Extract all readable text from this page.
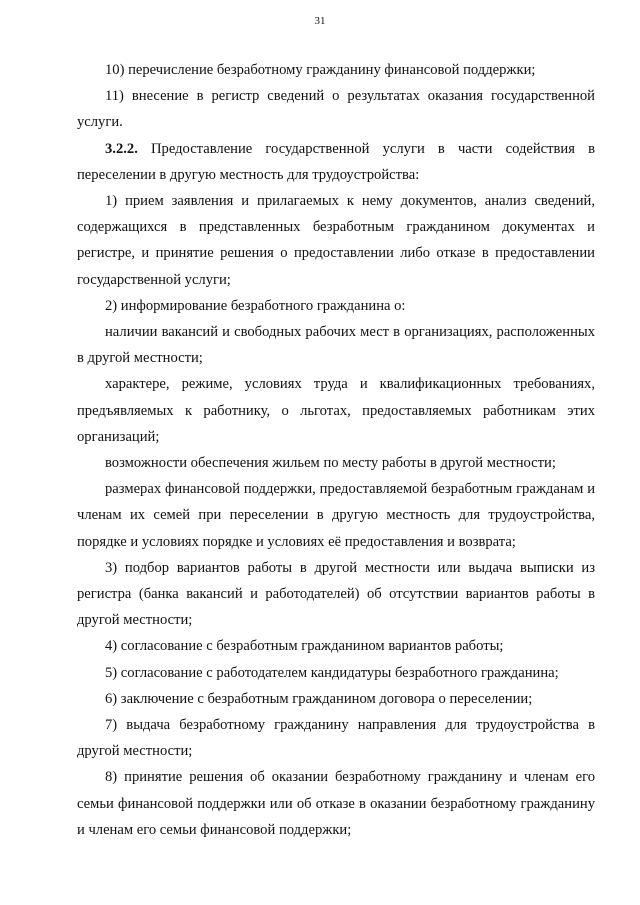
31

10) перечисление безработному гражданину финансовой поддержки;

11) внесение в регистр сведений о результатах оказания государственной услуги.

3.2.2. Предоставление государственной услуги в части содействия в переселении в другую местность для трудоустройства:

1) прием заявления и прилагаемых к нему документов, анализ сведений, содержащихся в представленных безработным гражданином документах и регистре, и принятие решения о предоставлении либо отказе в предоставлении государственной услуги;

2) информирование безработного гражданина о:

наличии вакансий и свободных рабочих мест в организациях, расположенных в другой местности;

характере, режиме, условиях труда и квалификационных требованиях, предъявляемых к работнику, о льготах, предоставляемых работникам этих организаций;

возможности обеспечения жильем по месту работы в другой местности;

размерах финансовой поддержки, предоставляемой безработным гражданам и членам их семей при переселении в другую местность для трудоустройства, порядке и условиях порядке и условиях её предоставления и возврата;

3) подбор вариантов работы в другой местности или выдача выписки из регистра (банка вакансий и работодателей) об отсутствии вариантов работы в другой местности;

4) согласование с безработным гражданином вариантов работы;

5) согласование с работодателем кандидатуры безработного гражданина;

6) заключение с безработным гражданином договора о переселении;

7) выдача безработному гражданину направления для трудоустройства в другой местности;

8) принятие решения об оказании безработному гражданину и членам его семьи финансовой поддержки или об отказе в оказании безработному гражданину и членам его семьи финансовой поддержки;
